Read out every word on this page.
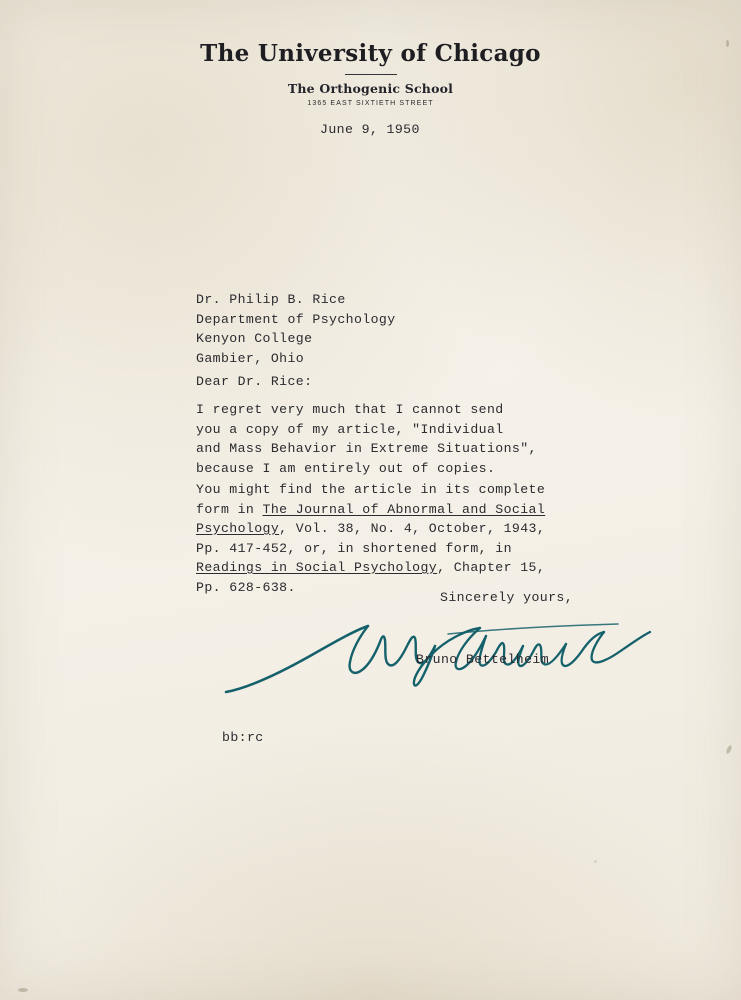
The University of Chicago
The Orthogenic School
1365 EAST SIXTIETH STREET
June 9, 1950
Dr. Philip B. Rice
Department of Psychology
Kenyon College
Gambier, Ohio
Dear Dr. Rice:
I regret very much that I cannot send
you a copy of my article, "Individual
and Mass Behavior in Extreme Situations",
because I am entirely out of copies.
You might find the article in its complete
form in The Journal of Abnormal and Social
Psychology, Vol. 38, No. 4, October, 1943,
Pp. 417-452, or, in shortened form, in
Readings in Social Psychology, Chapter 15,
Pp. 628-638.
Sincerely yours,
Bruno Bettelheim
bb:rc
